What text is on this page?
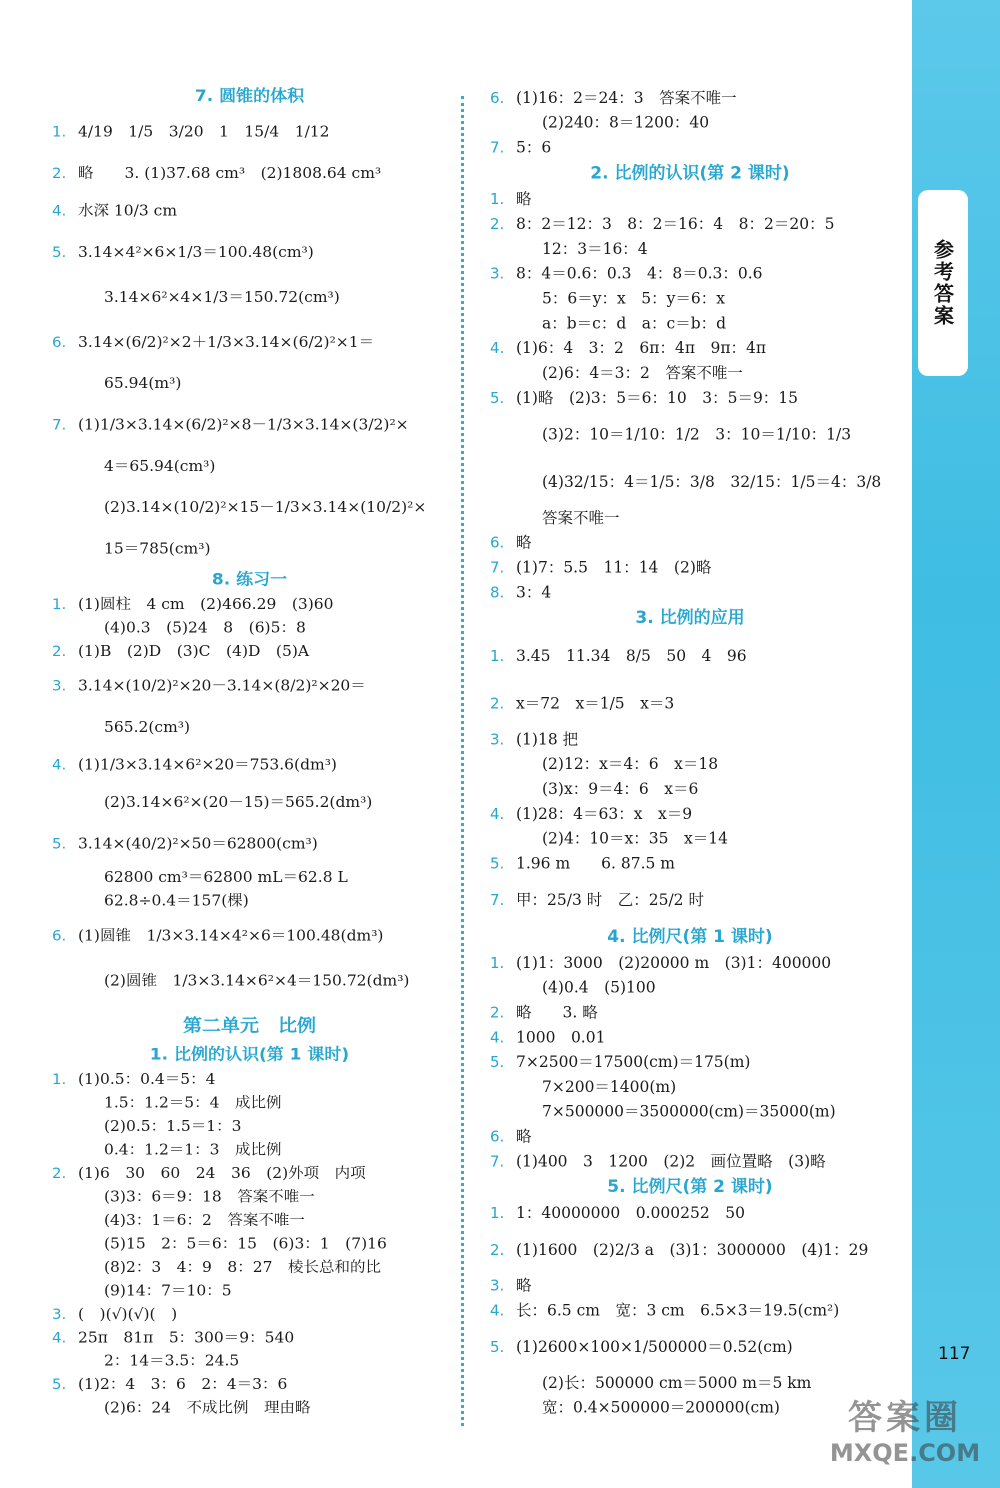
参考答案
7. 圆锥的体积
1. 4/19　1/5　3/20　1　15/4　1/12
2. 略　　3. (1)37.68 cm³　(2)1808.64 cm³
4. 水深 10/3 cm
5. 3.14×4²×6×1/3＝100.48(cm³)
3.14×6²×4×1/3＝150.72(cm³)
6. 3.14×(6/2)²×2＋1/3×3.14×(6/2)²×1＝
65.94(m³)
7. (1)1/3×3.14×(6/2)²×8－1/3×3.14×(3/2)²×
4＝65.94(cm³)
(2)3.14×(10/2)²×15－1/3×3.14×(10/2)²×
15＝785(cm³)
8. 练习一
1. (1)圆柱　4 cm　(2)466.29　(3)60
(4)0.3　(5)24　8　(6)5：8
2. (1)B　(2)D　(3)C　(4)D　(5)A
3. 3.14×(10/2)²×20－3.14×(8/2)²×20＝
565.2(cm³)
4. (1)1/3×3.14×6²×20＝753.6(dm³)
(2)3.14×6²×(20－15)＝565.2(dm³)
5. 3.14×(40/2)²×50＝62800(cm³)
62800 cm³＝62800 mL＝62.8 L
62.8÷0.4＝157(棵)
6. (1)圆锥　1/3×3.14×4²×6＝100.48(dm³)
(2)圆锥　1/3×3.14×6²×4＝150.72(dm³)
第二单元　比例
1. 比例的认识(第 1 课时)
1. (1)0.5：0.4＝5：4
1.5：1.2＝5：4　成比例
(2)0.5：1.5＝1：3
0.4：1.2＝1：3　成比例
2. (1)6　30　60　24　36　(2)外项　内项
(3)3：6＝9：18　答案不唯一
(4)3：1＝6：2　答案不唯一
(5)15　2：5＝6：15　(6)3：1　(7)16
(8)2：3　4：9　8：27　棱长总和的比
(9)14：7＝10：5
3. (　)(√)(√)(　)
4. 25π　81π　5：300＝9：540
2：14＝3.5：24.5
5. (1)2：4　3：6　2：4＝3：6
(2)6：24　不成比例　理由略
6. (1)16：2＝24：3　答案不唯一
(2)240：8＝1200：40
7. 5：6
2. 比例的认识(第 2 课时)
1. 略
2. 8：2＝12：3　8：2＝16：4　8：2＝20：5
12：3＝16：4
3. 8：4＝0.6：0.3　4：8＝0.3：0.6
5：6＝y：x　5：y＝6：x
a：b＝c：d　a：c＝b：d
4. (1)6：4　3：2　6π：4π　9π：4π
(2)6：4＝3：2　答案不唯一
5. (1)略　(2)3：5＝6：10　3：5＝9：15
(3)2：10＝1/10：1/2　3：10＝1/10：1/3
(4)32/15：4＝1/5：3/8　32/15：1/5＝4：3/8
答案不唯一
6. 略
7. (1)7：5.5　11：14　(2)略
8. 3：4
3. 比例的应用
1. 3.45　11.34　8/5　50　4　96
2. x＝72　x＝1/5　x＝3
3. (1)18 把
(2)12：x＝4：6　x＝18
(3)x：9＝4：6　x＝6
4. (1)28：4＝63：x　x＝9
(2)4：10＝x：35　x＝14
5. 1.96 m　　6. 87.5 m
7. 甲：25/3 时　乙：25/2 时
4. 比例尺(第 1 课时)
1. (1)1：3000　(2)20000 m　(3)1：400000
(4)0.4　(5)100
2. 略　　3. 略
4. 1000　0.01
5. 7×2500＝17500(cm)＝175(m)
7×200＝1400(m)
7×500000＝3500000(cm)＝35000(m)
6. 略
7. (1)400　3　1200　(2)2　画位置略　(3)略
5. 比例尺(第 2 课时)
1. 1：40000000　0.000252　50
2. (1)1600　(2)2/3 a　(3)1：3000000　(4)1：29
3. 略
4. 长：6.5 cm　宽：3 cm　6.5×3＝19.5(cm²)
5. (1)2600×100×1/500000＝0.52(cm)
(2)长：500000 cm＝5000 m＝5 km
宽：0.4×500000＝200000(cm)
117
答案圈
MXQE.COM
